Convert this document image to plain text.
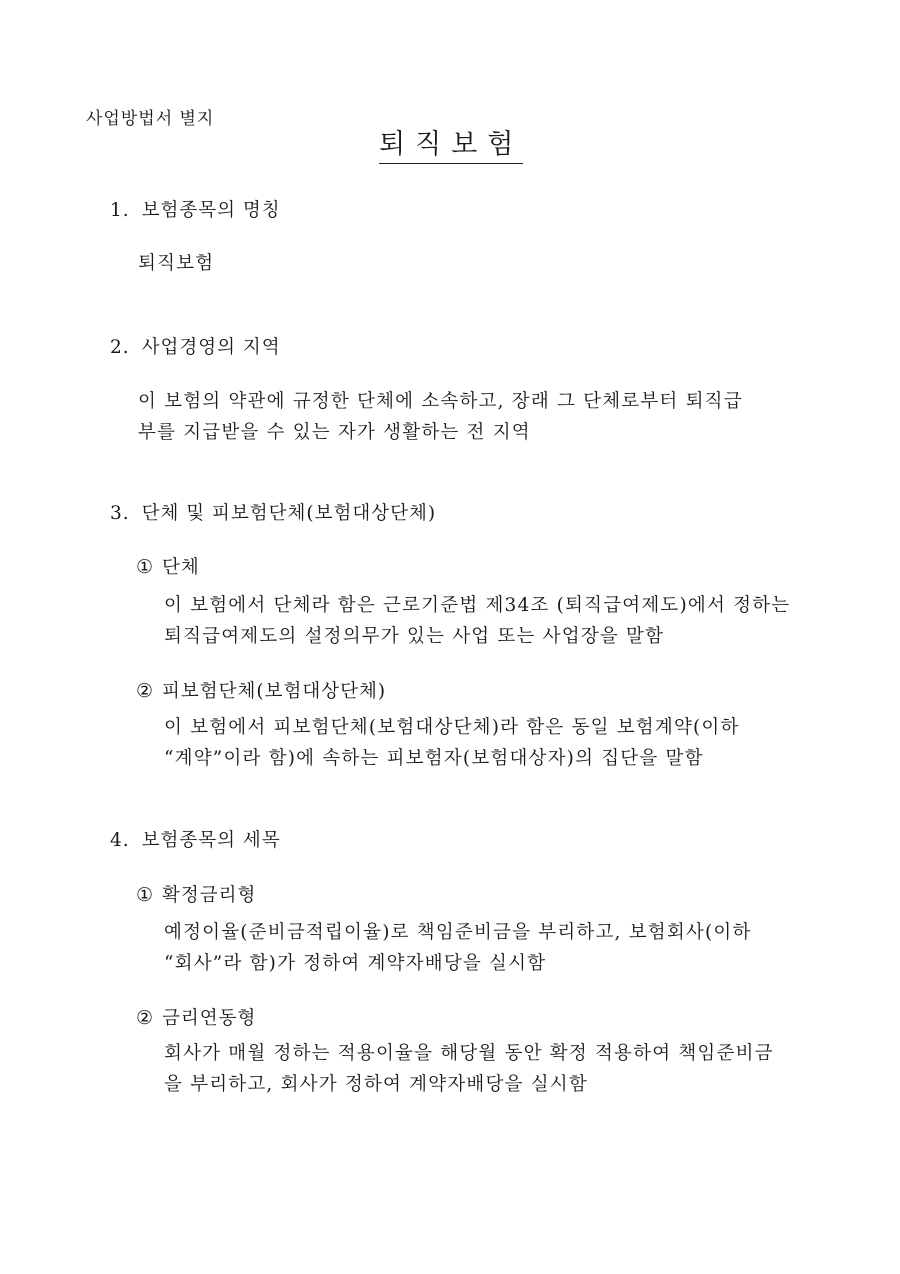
사업방법서 별지
퇴직보험
1. 보험종목의 명칭
퇴직보험
2. 사업경영의 지역
이 보험의 약관에 규정한 단체에 소속하고, 장래 그 단체로부터 퇴직급
부를 지급받을 수 있는 자가 생활하는 전 지역
3. 단체 및 피보험단체(보험대상단체)
① 단체
이 보험에서 단체라 함은 근로기준법 제34조 (퇴직급여제도)에서 정하는
퇴직급여제도의 설정의무가 있는 사업 또는 사업장을 말함
② 피보험단체(보험대상단체)
이 보험에서 피보험단체(보험대상단체)라 함은 동일 보험계약(이하
“계약”이라 함)에 속하는 피보험자(보험대상자)의 집단을 말함
4. 보험종목의 세목
① 확정금리형
예정이율(준비금적립이율)로 책임준비금을 부리하고, 보험회사(이하
“회사”라 함)가 정하여 계약자배당을 실시함
② 금리연동형
회사가 매월 정하는 적용이율을 해당월 동안 확정 적용하여 책임준비금
을 부리하고, 회사가 정하여 계약자배당을 실시함
